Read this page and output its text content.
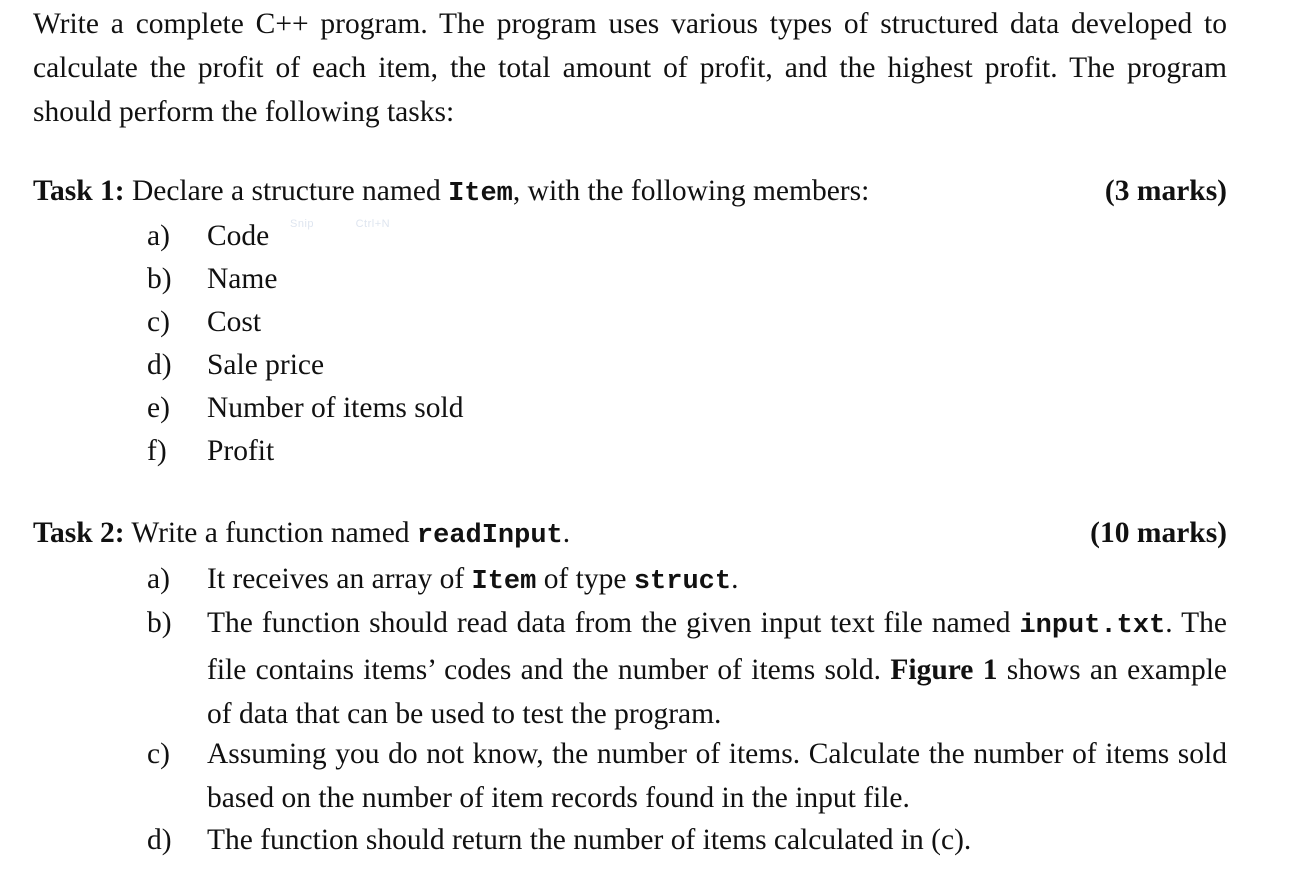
Write a complete C++ program. The program uses various types of structured data developed to calculate the profit of each item, the total amount of profit, and the highest profit. The program should perform the following tasks:

Snip	Ctrl+N
Task 1: Declare a structure named Item, with the following members:	(3 marks)
a)	Code
b)	Name
c)	Cost
d)	Sale price
e)	Number of items sold
f)	Profit
Task 2: Write a function named readInput.	(10 marks)
a)	It receives an array of Item of type struct.
b)	The function should read data from the given input text file named input.txt. The file contains items’ codes and the number of items sold. Figure 1 shows an example of data that can be used to test the program.
c)	Assuming you do not know, the number of items. Calculate the number of items sold based on the number of item records found in the input file.
d)	The function should return the number of items calculated in (c).
